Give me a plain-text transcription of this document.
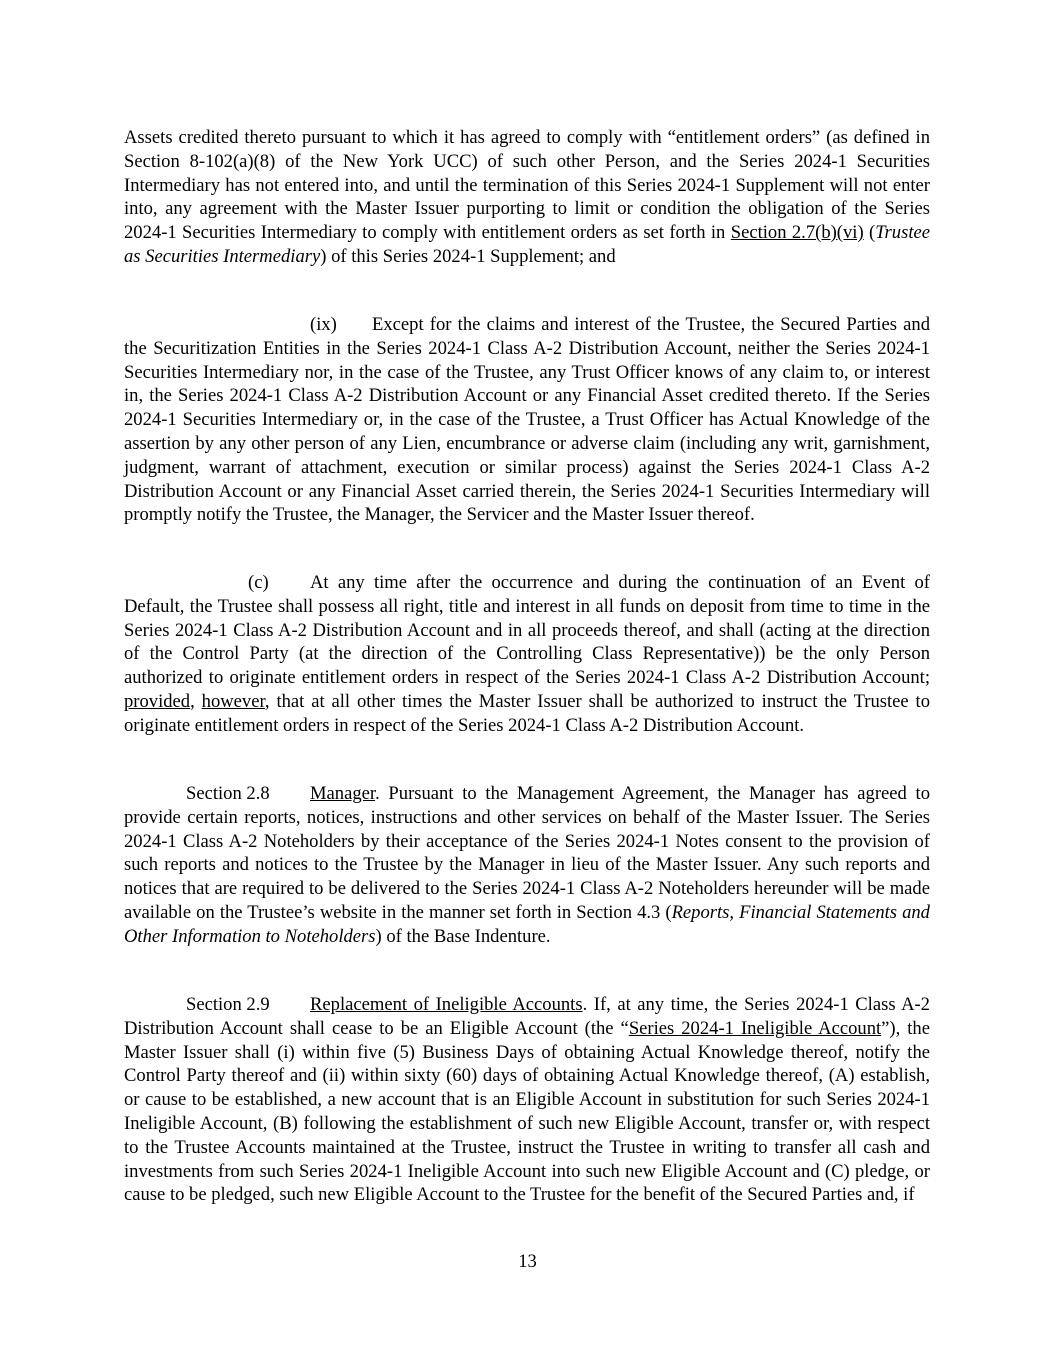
Assets credited thereto pursuant to which it has agreed to comply with “entitlement orders” (as defined in Section 8-102(a)(8) of the New York UCC) of such other Person, and the Series 2024-1 Securities Intermediary has not entered into, and until the termination of this Series 2024-1 Supplement will not enter into, any agreement with the Master Issuer purporting to limit or condition the obligation of the Series 2024-1 Securities Intermediary to comply with entitlement orders as set forth in Section 2.7(b)(vi) (Trustee as Securities Intermediary) of this Series 2024-1 Supplement; and

(ix) Except for the claims and interest of the Trustee, the Secured Parties and the Securitization Entities in the Series 2024-1 Class A-2 Distribution Account, neither the Series 2024-1 Securities Intermediary nor, in the case of the Trustee, any Trust Officer knows of any claim to, or interest in, the Series 2024-1 Class A-2 Distribution Account or any Financial Asset credited thereto. If the Series 2024-1 Securities Intermediary or, in the case of the Trustee, a Trust Officer has Actual Knowledge of the assertion by any other person of any Lien, encumbrance or adverse claim (including any writ, garnishment, judgment, warrant of attachment, execution or similar process) against the Series 2024-1 Class A-2 Distribution Account or any Financial Asset carried therein, the Series 2024-1 Securities Intermediary will promptly notify the Trustee, the Manager, the Servicer and the Master Issuer thereof.

(c) At any time after the occurrence and during the continuation of an Event of Default, the Trustee shall possess all right, title and interest in all funds on deposit from time to time in the Series 2024-1 Class A-2 Distribution Account and in all proceeds thereof, and shall (acting at the direction of the Control Party (at the direction of the Controlling Class Representative)) be the only Person authorized to originate entitlement orders in respect of the Series 2024-1 Class A-2 Distribution Account; provided, however, that at all other times the Master Issuer shall be authorized to instruct the Trustee to originate entitlement orders in respect of the Series 2024-1 Class A-2 Distribution Account.

Section 2.8 Manager. Pursuant to the Management Agreement, the Manager has agreed to provide certain reports, notices, instructions and other services on behalf of the Master Issuer. The Series 2024-1 Class A-2 Noteholders by their acceptance of the Series 2024-1 Notes consent to the provision of such reports and notices to the Trustee by the Manager in lieu of the Master Issuer. Any such reports and notices that are required to be delivered to the Series 2024-1 Class A-2 Noteholders hereunder will be made available on the Trustee’s website in the manner set forth in Section 4.3 (Reports, Financial Statements and Other Information to Noteholders) of the Base Indenture.

Section 2.9 Replacement of Ineligible Accounts. If, at any time, the Series 2024-1 Class A-2 Distribution Account shall cease to be an Eligible Account (the “Series 2024-1 Ineligible Account”), the Master Issuer shall (i) within five (5) Business Days of obtaining Actual Knowledge thereof, notify the Control Party thereof and (ii) within sixty (60) days of obtaining Actual Knowledge thereof, (A) establish, or cause to be established, a new account that is an Eligible Account in substitution for such Series 2024-1 Ineligible Account, (B) following the establishment of such new Eligible Account, transfer or, with respect to the Trustee Accounts maintained at the Trustee, instruct the Trustee in writing to transfer all cash and investments from such Series 2024-1 Ineligible Account into such new Eligible Account and (C) pledge, or cause to be pledged, such new Eligible Account to the Trustee for the benefit of the Secured Parties and, if

13
